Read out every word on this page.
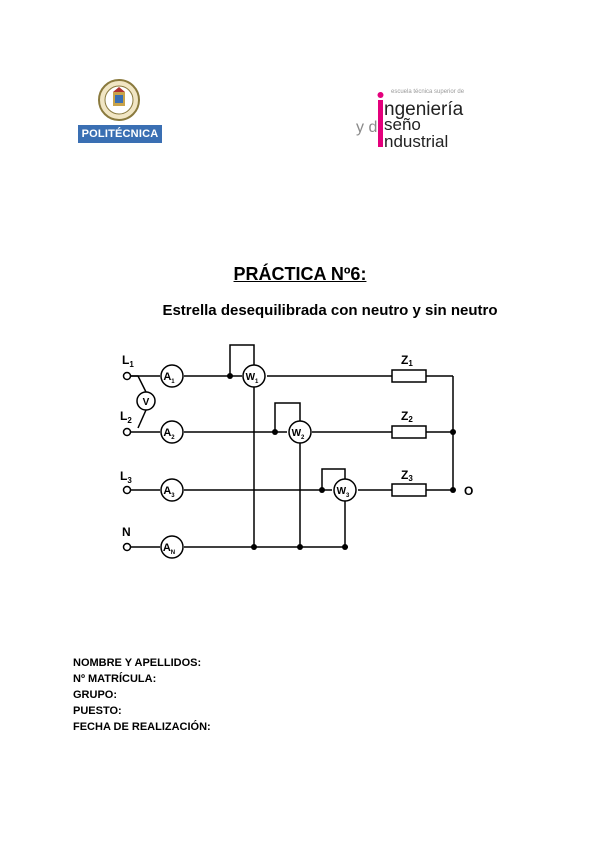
POLITÉCNICA
escuela técnica superior de
ngeniería
y d seño
ndustrial
PRÁCTICA Nº6:
Estrella desequilibrada con neutro y sin neutro
$L_1$
$L_2$
$L_3$
N
V
$A_1$
$A_2$
$A_3$
$A_N$
$W_1$
$W_2$
$W_3$
Z1
Z2
Z3
O
NOMBRE Y APELLIDOS:
Nº MATRÍCULA:
GRUPO:
PUESTO:
FECHA DE REALIZACIÓN:
